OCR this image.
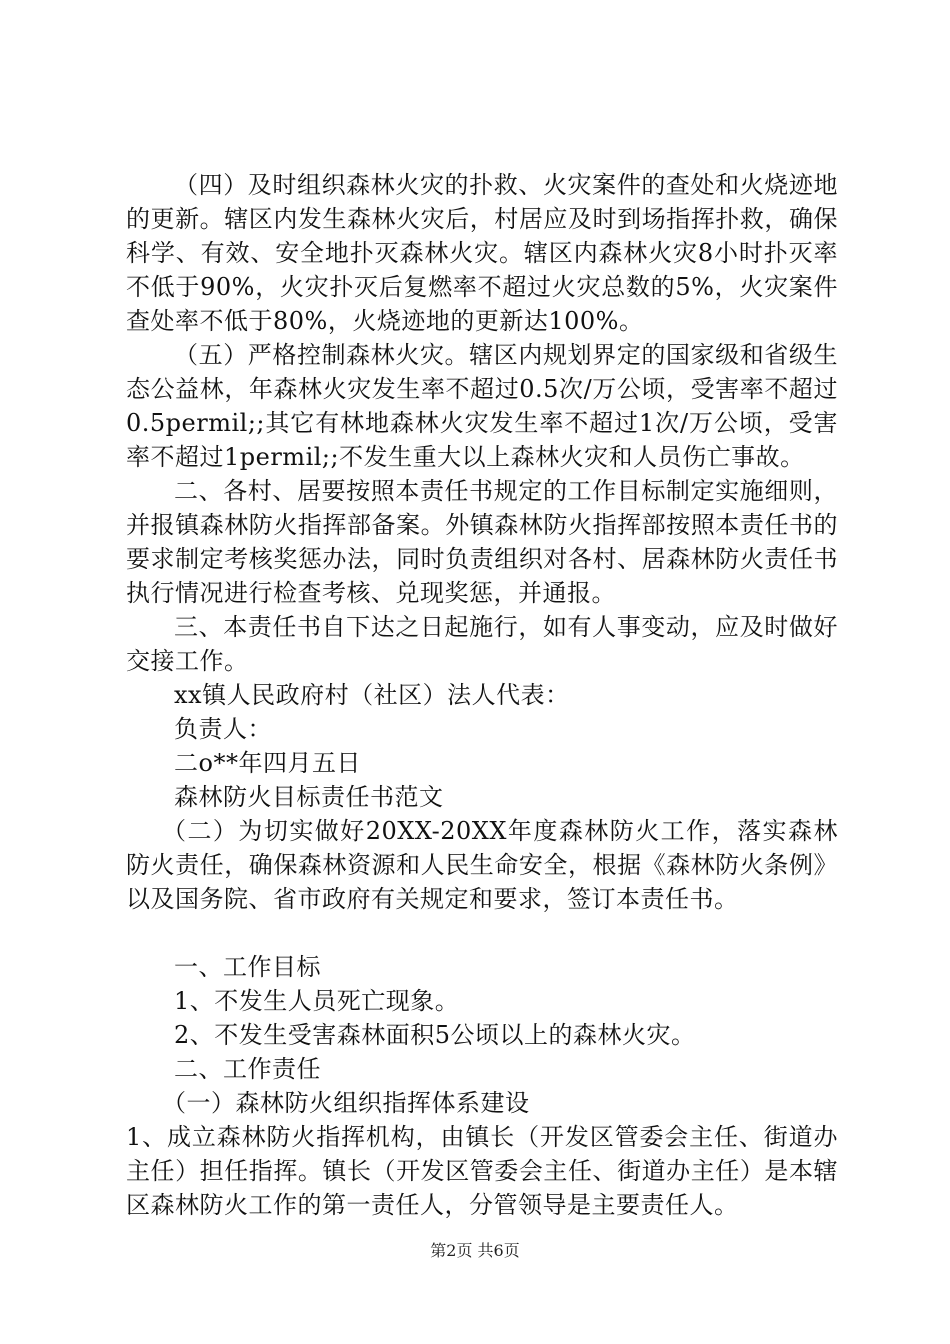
（四）及时组织森林火灾的扑救、火灾案件的查处和火烧迹地的更新。辖区内发生森林火灾后，村居应及时到场指挥扑救，确保科学、有效、安全地扑灭森林火灾。辖区内森林火灾8小时扑灭率不低于90%，火灾扑灭后复燃率不超过火灾总数的5%，火灾案件查处率不低于80%，火烧迹地的更新达100%。

（五）严格控制森林火灾。辖区内规划界定的国家级和省级生态公益林，年森林火灾发生率不超过0.5次/万公顷，受害率不超过0.5permil;;其它有林地森林火灾发生率不超过1次/万公顷，受害率不超过1permil;;不发生重大以上森林火灾和人员伤亡事故。

二、各村、居要按照本责任书规定的工作目标制定实施细则，并报镇森林防火指挥部备案。外镇森林防火指挥部按照本责任书的要求制定考核奖惩办法，同时负责组织对各村、居森林防火责任书执行情况进行检查考核、兑现奖惩，并通报。

三、本责任书自下达之日起施行，如有人事变动，应及时做好交接工作。

xx镇人民政府村（社区）法人代表：

负责人：

二o**年四月五日

森林防火目标责任书范文

（二）为切实做好20XX-20XX年度森林防火工作，落实森林防火责任，确保森林资源和人民生命安全，根据《森林防火条例》以及国务院、省市政府有关规定和要求，签订本责任书。

一、工作目标

1、不发生人员死亡现象。

2、不发生受害森林面积5公顷以上的森林火灾。

二、工作责任

（一）森林防火组织指挥体系建设

1、成立森林防火指挥机构，由镇长（开发区管委会主任、街道办主任）担任指挥。镇长（开发区管委会主任、街道办主任）是本辖区森林防火工作的第一责任人，分管领导是主要责任人。

第2页 共6页
